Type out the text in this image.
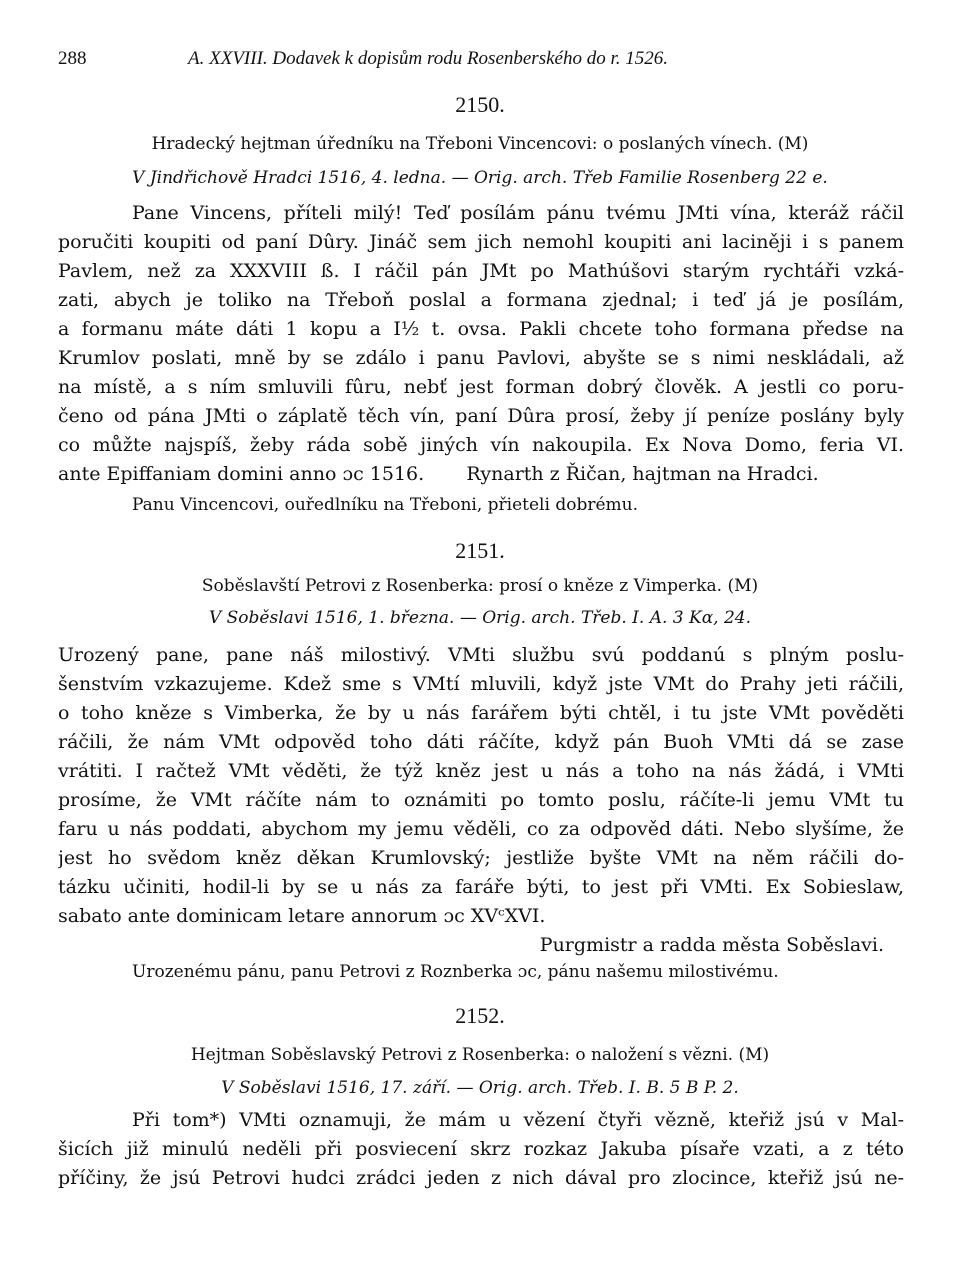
288	A. XXVIII. Dodavek k dopisům rodu Rosenberského do r. 1526.
2150.
Hradecký hejtman úředníku na Třeboni Vincencovi: o poslaných vínech. (M)
V Jindřichově Hradci 1516, 4. ledna. — Orig. arch. Třeb Familie Rosenberg 22 e.
Pane Vincens, příteli milý! Teď posílám pánu tvému JMti vína, kteráž ráčil
poručiti koupiti od paní Dûry. Jináč sem jich nemohl koupiti ani laciněji i s panem
Pavlem, než za XXXVIII ß. I ráčil pán JMt po Mathúšovi starým rychtáři vzká-
zati, abych je toliko na Třeboň poslal a formana zjednal; i teď já je posílám,
a formanu máte dáti 1 kopu a I½ t. ovsa. Pakli chcete toho formana předse na
Krumlov poslati, mně by se zdálo i panu Pavlovi, abyšte se s nimi neskládali, až
na místě, a s ním smluvili fûru, nebť jest forman dobrý člověk. A jestli co poru-
čeno od pána JMti o záplatě těch vín, paní Dûra prosí, žeby jí peníze poslány byly
co můžte najspíš, žeby ráda sobě jiných vín nakoupila. Ex Nova Domo, feria VI.
ante Epiffaniam domini anno ɔc 1516.       Rynarth z Řičan, hajtman na Hradci.
Panu Vincencovi, ouředlníku na Třeboni, přieteli dobrému.
2151.
Soběslavští Petrovi z Rosenberka: prosí o kněze z Vimperka. (M)
V Soběslavi 1516, 1. března. — Orig. arch. Třeb. I. A. 3 Kα, 24.
Urozený pane, pane náš milostivý. VMti službu svú poddanú s plným poslu-
šenstvím vzkazujeme. Kdež sme s VMtí mluvili, když jste VMt do Prahy jeti ráčili,
o toho kněze s Vimberka, že by u nás farářem býti chtěl, i tu jste VMt pověděti
ráčili, že nám VMt odpověd toho dáti ráčíte, když pán Buoh VMti dá se zase
vrátiti. I račtež VMt věděti, že týž kněz jest u nás a toho na nás žádá, i VMti
prosíme, že VMt ráčíte nám to oznámiti po tomto poslu, ráčíte-li jemu VMt tu
faru u nás poddati, abychom my jemu věděli, co za odpověd dáti. Nebo slyšíme, že
jest ho svědom kněz děkan Krumlovský; jestliže byšte VMt na něm ráčili do-
tázku učiniti, hodil-li by se u nás za faráře býti, to jest při VMti. Ex Sobieslaw,
sabato ante dominicam letare annorum ɔc XVᶜXVI.
Purgmistr a radda města Soběslavi.
Urozenému pánu, panu Petrovi z Roznberka ɔc, pánu našemu milostivému.
2152.
Hejtman Soběslavský Petrovi z Rosenberka: o naložení s vězni. (M)
V Soběslavi 1516, 17. září. — Orig. arch. Třeb. I. B. 5 B P. 2.
Při tom*) VMti oznamuji, že mám u vězení čtyři vězně, kteřiž jsú v Mal-
šicích již minulú neděli při posviecení skrz rozkaz Jakuba písaře vzati, a z této
příčiny, že jsú Petrovi hudci zrádci jeden z nich dával pro zlocince, kteřiž jsú ne-
